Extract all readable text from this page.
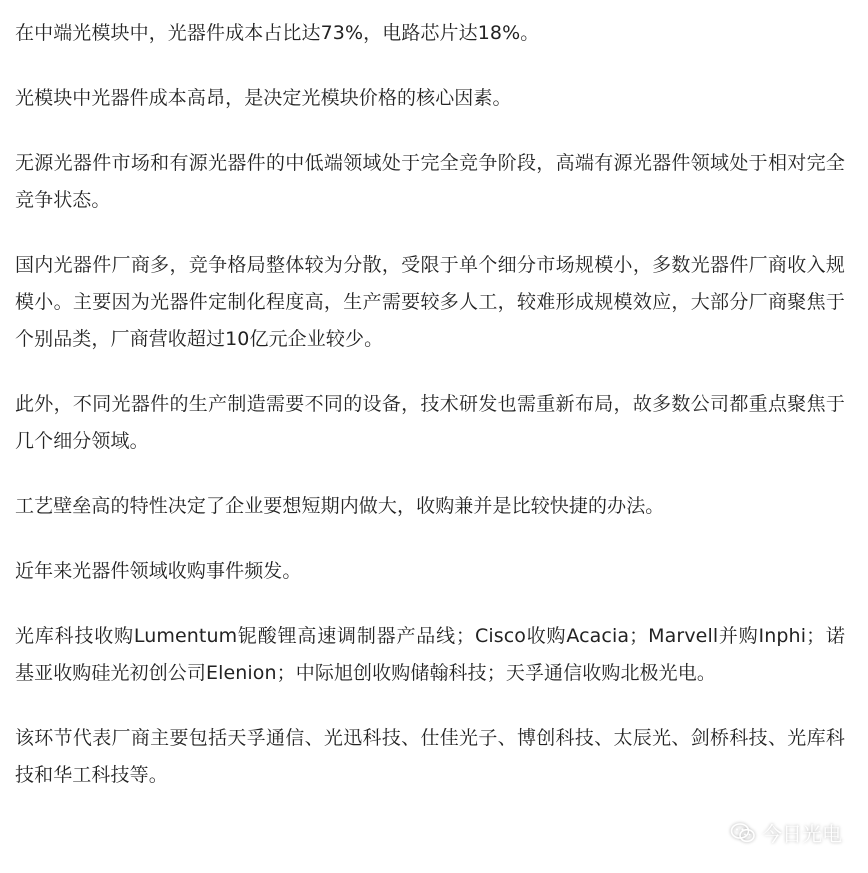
在中端光模块中，光器件成本占比达73%，电路芯片达18%。

光模块中光器件成本高昂，是决定光模块价格的核心因素。

无源光器件市场和有源光器件的中低端领域处于完全竞争阶段，高端有源光器件领域处于相对完全竞争状态。

国内光器件厂商多，竞争格局整体较为分散，受限于单个细分市场规模小，多数光器件厂商收入规模小。主要因为光器件定制化程度高，生产需要较多人工，较难形成规模效应，大部分厂商聚焦于个别品类，厂商营收超过10亿元企业较少。

此外，不同光器件的生产制造需要不同的设备，技术研发也需重新布局，故多数公司都重点聚焦于几个细分领域。

工艺壁垒高的特性决定了企业要想短期内做大，收购兼并是比较快捷的办法。

近年来光器件领域收购事件频发。

光库科技收购Lumentum铌酸锂高速调制器产品线；Cisco收购Acacia；Marvell并购Inphi；诺基亚收购硅光初创公司Elenion；中际旭创收购储翰科技；天孚通信收购北极光电。

该环节代表厂商主要包括天孚通信、光迅科技、仕佳光子、博创科技、太辰光、剑桥科技、光库科技和华工科技等。

今日光电
